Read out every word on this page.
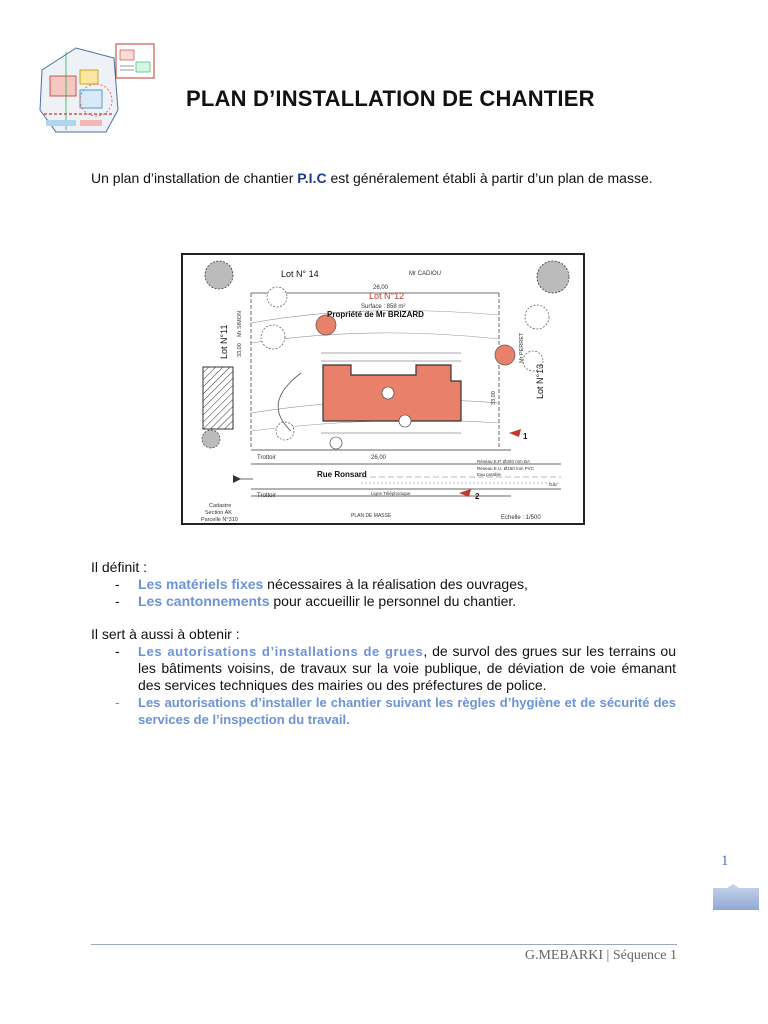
PLAN D’INSTALLATION DE CHANTIER

Un plan d’installation de chantier P.I.C est généralement établi à partir d’un plan de masse.

Lot N° 14	Mr CADIOU
26,00
Lot N°12
Surface : 858 m²
Propriété de Mr BRIZARD
Lot N°11
Mr SIMON
33,00
Lot N°13
Mr PERRET
33,00
26,00
Trottoir
Rue Ronsard
Trottoir
Réseau E.P. Ø300 mm BA
Réseau E.U. Ø160 mm PVC
Eau potable
Gaz
Ligne Téléphonique
1
2
Cadastre
Section AK
Parcelle N°310
PLAN DE MASSE	Echelle : 1/500
Il définit :
- Les matériels fixes nécessaires à la réalisation des ouvrages,
- Les cantonnements pour accueillir le personnel du chantier.
Il sert à aussi à obtenir :
- Les autorisations d’installations de grues, de survol des grues sur les terrains ou les bâtiments voisins, de travaux sur la voie publique, de déviation de voie émanant des services techniques des mairies ou des préfectures de police.
- Les autorisations d’installer le chantier suivant les règles d’hygiène et de sécurité des services de l’inspection du travail.
1
G.MEBARKI | Séquence 1
